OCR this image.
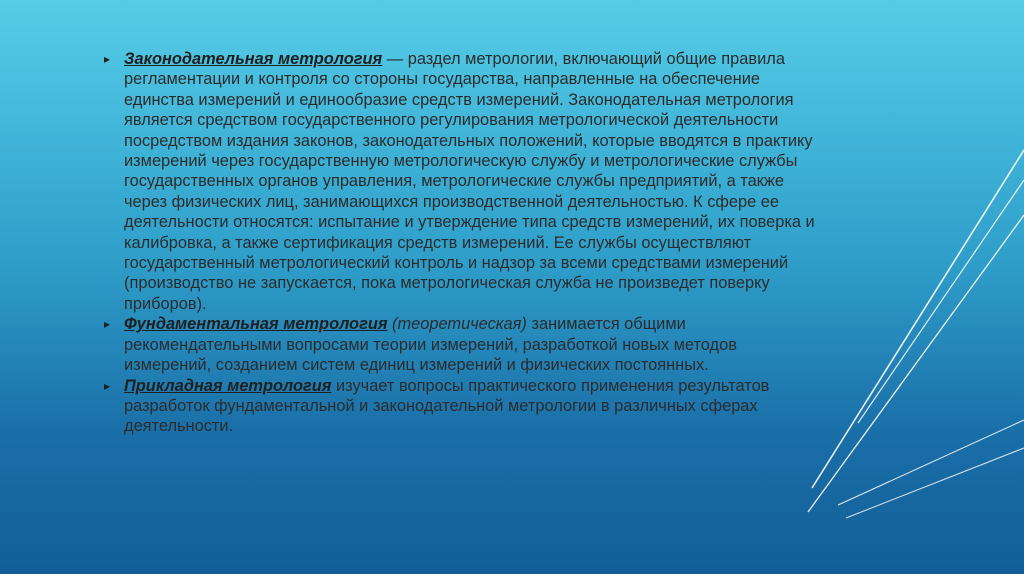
▸ Законодательная метрология — раздел метрологии, включающий общие правила регламентации и контроля со стороны государства, направленные на обеспечение единства измерений и единообразие средств измерений. Законодательная метрология является средством государственного регулирования метрологической деятельности посредством издания законов, законодательных положений, которые вводятся в практику измерений через государственную метрологическую службу и метрологические службы государственных органов управления, метрологические службы предприятий, а также через физических лиц, занимающихся производственной деятельностью. К сфере ее деятельности относятся: испытание и утверждение типа средств измерений, их поверка и калибровка, а также сертификация средств измерений. Ее службы осуществляют государственный метрологический контроль и надзор за всеми средствами измерений (производство не запускается, пока метрологическая служба не произведет поверку приборов).

▸ Фундаментальная метрология (теоретическая) занимается общими рекомендательными вопросами теории измерений, разработкой новых методов измерений, созданием систем единиц измерений и физических постоянных.

▸ Прикладная метрология изучает вопросы практического применения результатов разработок фундаментальной и законодательной метрологии в различных сферах деятельности.
